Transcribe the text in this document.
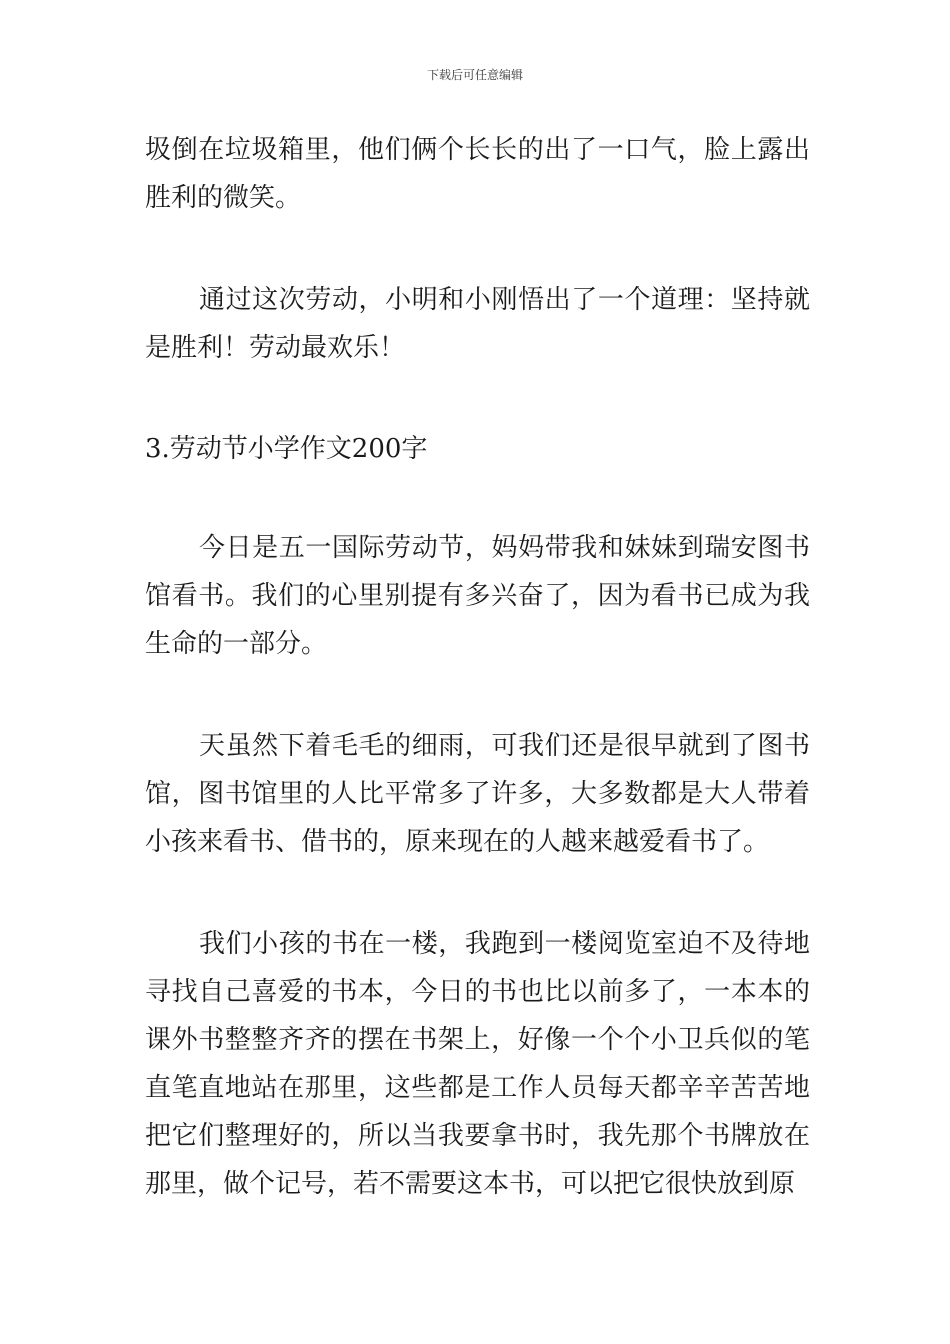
下载后可任意编辑

圾倒在垃圾箱里，他们俩个长长的出了一口气，脸上露出胜利的微笑。

通过这次劳动，小明和小刚悟出了一个道理：坚持就是胜利！劳动最欢乐！

3.劳动节小学作文200字

今日是五一国际劳动节，妈妈带我和妹妹到瑞安图书馆看书。我们的心里别提有多兴奋了，因为看书已成为我生命的一部分。

天虽然下着毛毛的细雨，可我们还是很早就到了图书馆，图书馆里的人比平常多了许多，大多数都是大人带着小孩来看书、借书的，原来现在的人越来越爱看书了。

我们小孩的书在一楼，我跑到一楼阅览室迫不及待地寻找自己喜爱的书本，今日的书也比以前多了，一本本的课外书整整齐齐的摆在书架上，好像一个个小卫兵似的笔直笔直地站在那里，这些都是工作人员每天都辛辛苦苦地把它们整理好的，所以当我要拿书时，我先那个书牌放在那里，做个记号，若不需要这本书，可以把它很快放到原
